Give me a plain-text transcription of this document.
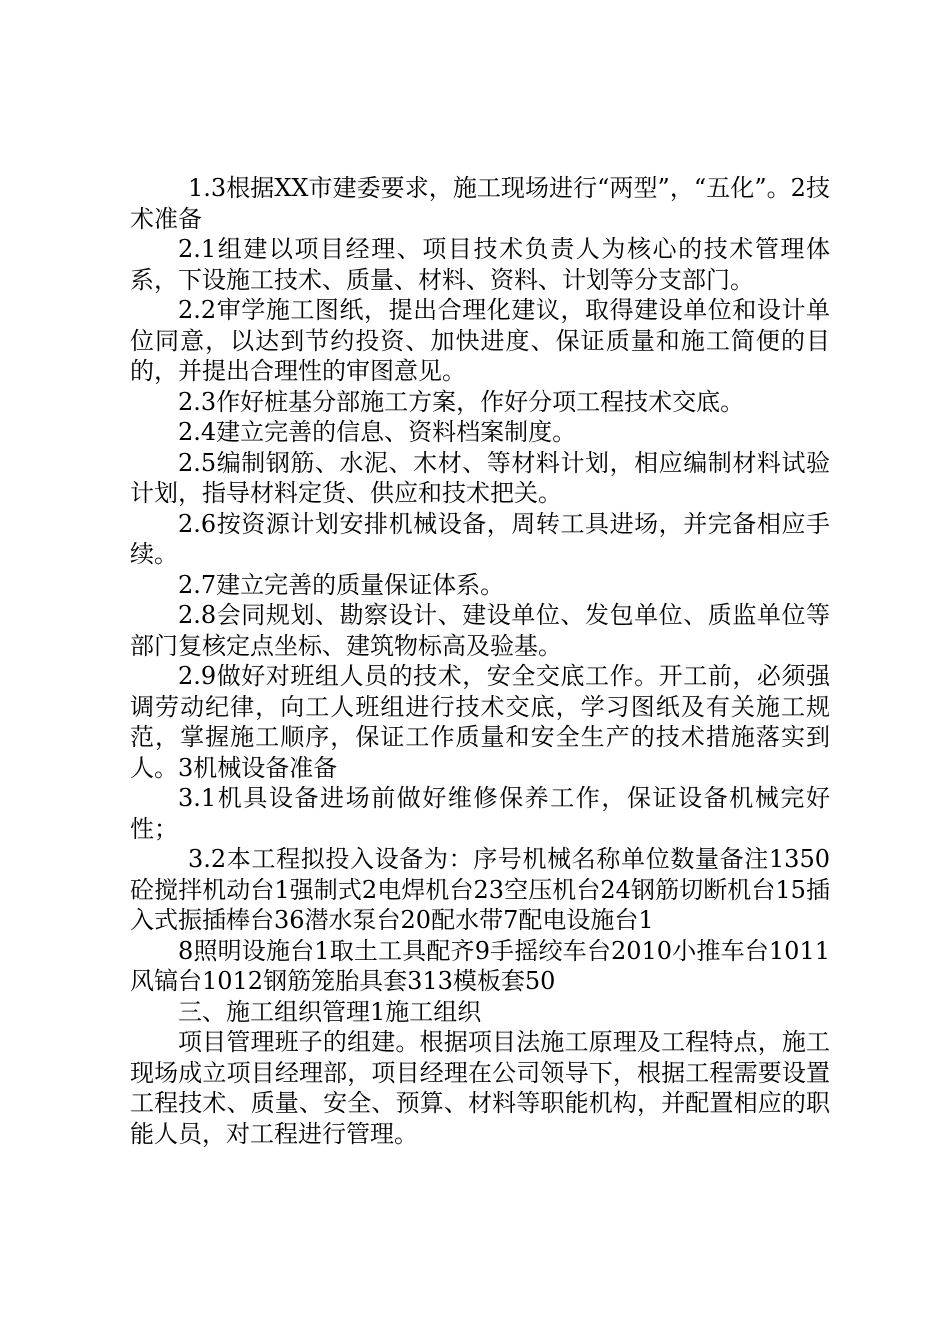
1.3根据XX市建委要求，施工现场进行“两型”，“五化”。2技术准备

2.1组建以项目经理、项目技术负责人为核心的技术管理体系，下设施工技术、质量、材料、资料、计划等分支部门。

2.2审学施工图纸，提出合理化建议，取得建设单位和设计单位同意，以达到节约投资、加快进度、保证质量和施工简便的目的，并提出合理性的审图意见。

2.3作好桩基分部施工方案，作好分项工程技术交底。

2.4建立完善的信息、资料档案制度。

2.5编制钢筋、水泥、木材、等材料计划，相应编制材料试验计划，指导材料定货、供应和技术把关。

2.6按资源计划安排机械设备，周转工具进场，并完备相应手续。

2.7建立完善的质量保证体系。

2.8会同规划、勘察设计、建设单位、发包单位、质监单位等部门复核定点坐标、建筑物标高及验基。

2.9做好对班组人员的技术，安全交底工作。开工前，必须强调劳动纪律，向工人班组进行技术交底，学习图纸及有关施工规范，掌握施工顺序，保证工作质量和安全生产的技术措施落实到人。3机械设备准备

3.1机具设备进场前做好维修保养工作，保证设备机械完好性；

3.2本工程拟投入设备为：序号机械名称单位数量备注1350砼搅拌机动台1强制式2电焊机台23空压机台24钢筋切断机台15插入式振插棒台36潜水泵台20配水带7配电设施台1

8照明设施台1取土工具配齐9手摇绞车台2010小推车台1011风镐台1012钢筋笼胎具套313模板套50

三、施工组织管理1施工组织

项目管理班子的组建。根据项目法施工原理及工程特点，施工现场成立项目经理部，项目经理在公司领导下，根据工程需要设置工程技术、质量、安全、预算、材料等职能机构，并配置相应的职能人员，对工程进行管理。
